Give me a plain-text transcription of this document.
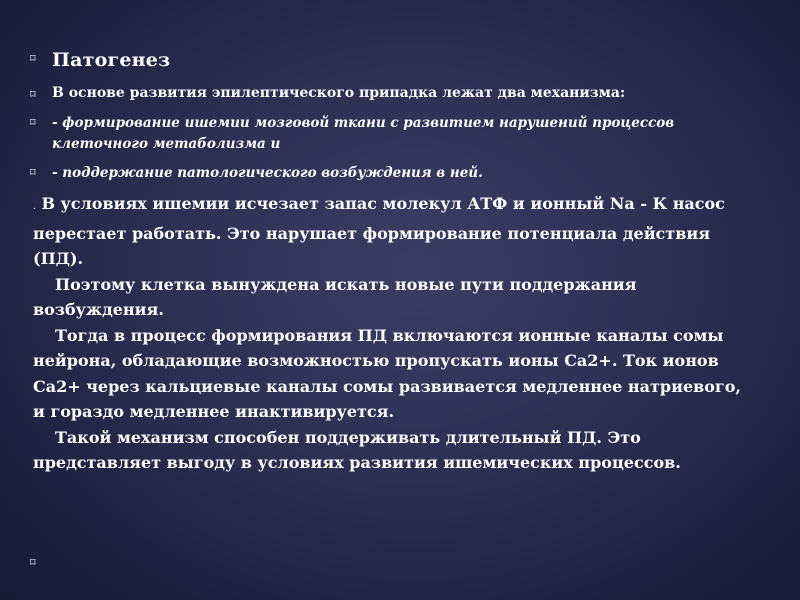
⌑ Патогенез
⌑	В основе развития эпилептического припадка лежат два механизма:
⌑	- формирование ишемии мозговой ткани с развитием нарушений процессов клеточного метаболизма и
⌑	- поддержание патологического возбуждения в ней.

. В условиях ишемии исчезает запас молекул АТФ и ионный Na - К насос перестает работать. Это нарушает формирование потенциала действия (ПД).

Поэтому клетка вынуждена искать новые пути поддержания возбуждения.

Тогда в процесс формирования ПД включаются ионные каналы сомы нейрона, обладающие возможностью пропускать ионы Са2+. Ток ионов Са2+ через кальциевые каналы сомы развивается медленнее натриевого, и гораздо медленнее инактивируется.

Такой механизм способен поддерживать длительный ПД. Это представляет выгоду в условиях развития ишемических процессов.

⌑
